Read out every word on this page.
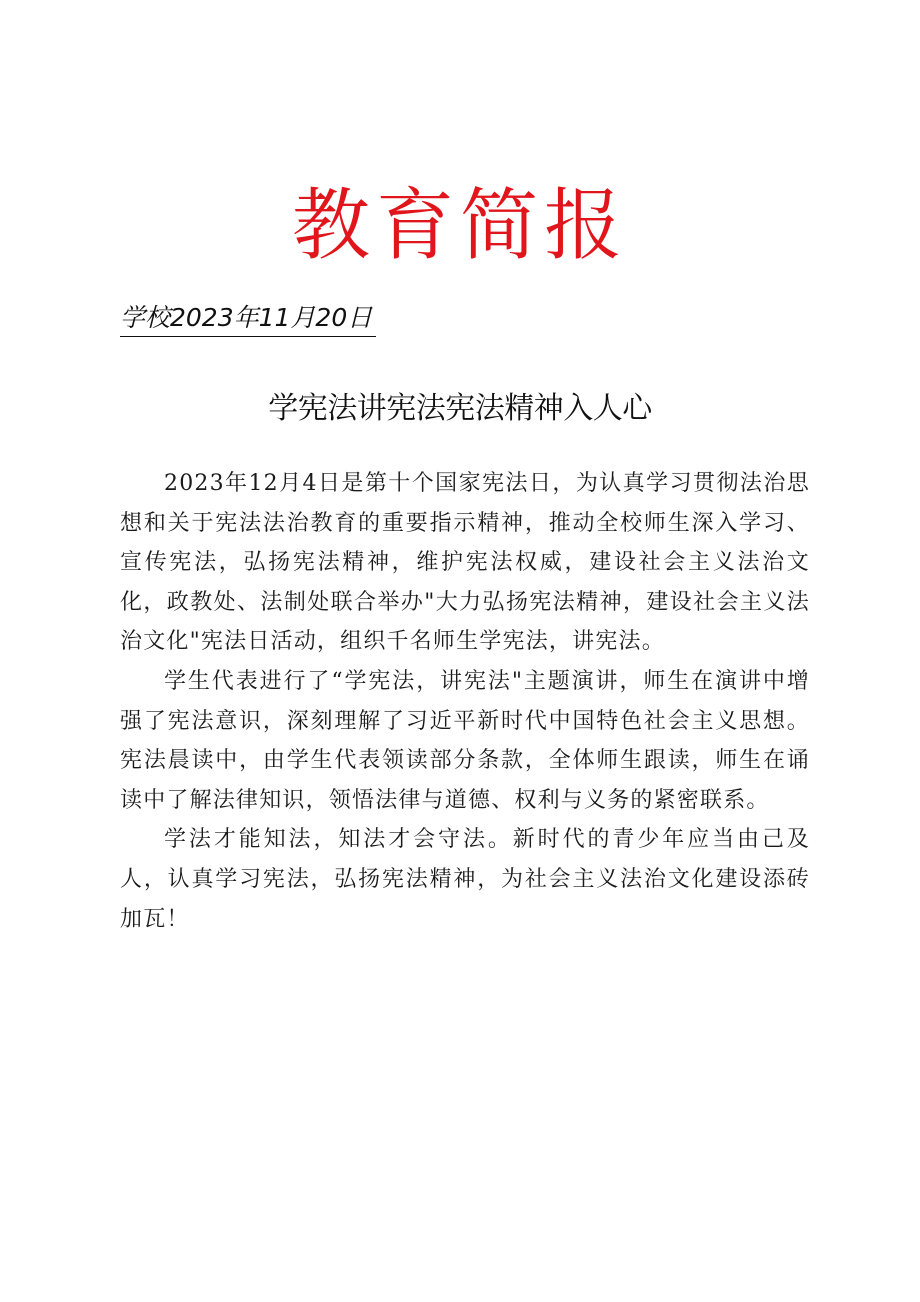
教育简报
学校2023年11月20日
学宪法讲宪法宪法精神入人心

2023年12月4日是第十个国家宪法日，为认真学习贯彻法治思想和关于宪法法治教育的重要指示精神，推动全校师生深入学习、宣传宪法，弘扬宪法精神，维护宪法权威，建设社会主义法治文化，政教处、法制处联合举办"大力弘扬宪法精神，建设社会主义法治文化"宪法日活动，组织千名师生学宪法，讲宪法。

学生代表进行了“学宪法，讲宪法"主题演讲，师生在演讲中增强了宪法意识，深刻理解了习近平新时代中国特色社会主义思想。宪法晨读中，由学生代表领读部分条款，全体师生跟读，师生在诵读中了解法律知识，领悟法律与道德、权利与义务的紧密联系。

学法才能知法，知法才会守法。新时代的青少年应当由己及人，认真学习宪法，弘扬宪法精神，为社会主义法治文化建设添砖加瓦！
